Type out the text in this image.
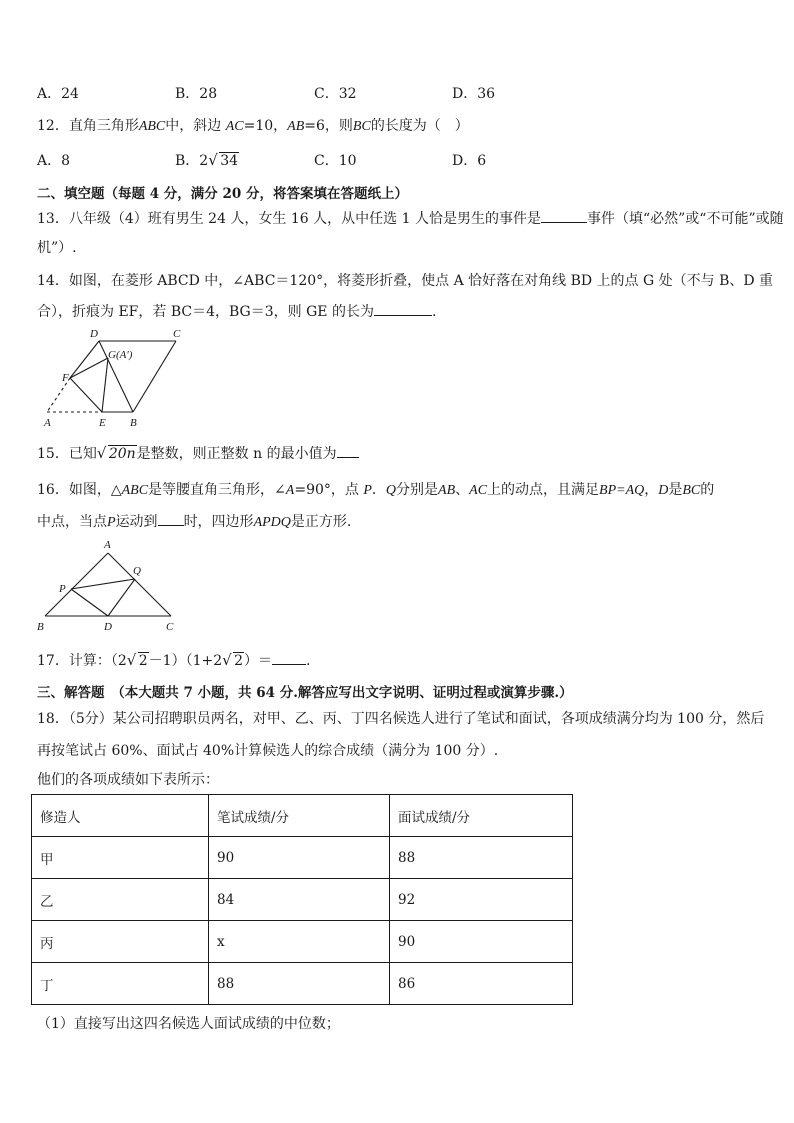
A．24	B．28	C．32	D．36
12．直角三角形ABC中，斜边 AC=10，AB=6，则BC的长度为（　）
A．8	B．2 √ 34	C．10	D．6
二、填空题（每题 4 分，满分 20 分，将答案填在答题纸上）
13．八年级（4）班有男生 24 人，女生 16 人，从中任选 1 人恰是男生的事件是	事件（填“必然”或“不可能”或随
机”）.
14．如图，在菱形 ABCD 中，∠ABC＝120°，将菱形折叠，使点 A 恰好落在对角线 BD 上的点 G 处（不与 B、D 重
合），折痕为 EF，若 BC＝4，BG＝3，则 GE 的长为	.
D	C
G(A′)
F
A	E B
15．已知 √ 20n是整数，则正整数 n 的最小值为
16．如图，△ABC是等腰直角三角形，∠A=90°，点 P．Q分别是AB、AC上的动点，且满足BP=AQ，D是BC的
中点，当点P运动到 时，四边形APDQ是正方形.
A
Q
P
B	D	C
17．计算：（2 √ 2－1）（1+2 √ 2）＝ .
三、解答题　（本大题共 7 小题，共 64 分.解答应写出文字说明、证明过程或演算步骤.）
18．（5分）某公司招聘职员两名，对甲、乙、丙、丁四名候选人进行了笔试和面试，各项成绩满分均为 100 分，然后
再按笔试占 60%、面试占 40%计算候选人的综合成绩（满分为 100 分）.
他们的各项成绩如下表所示：
修造人	笔试成绩/分	面试成绩/分
甲	90	88
乙	84	92
丙	x	90
丁	88	86
（1）直接写出这四名候选人面试成绩的中位数；
